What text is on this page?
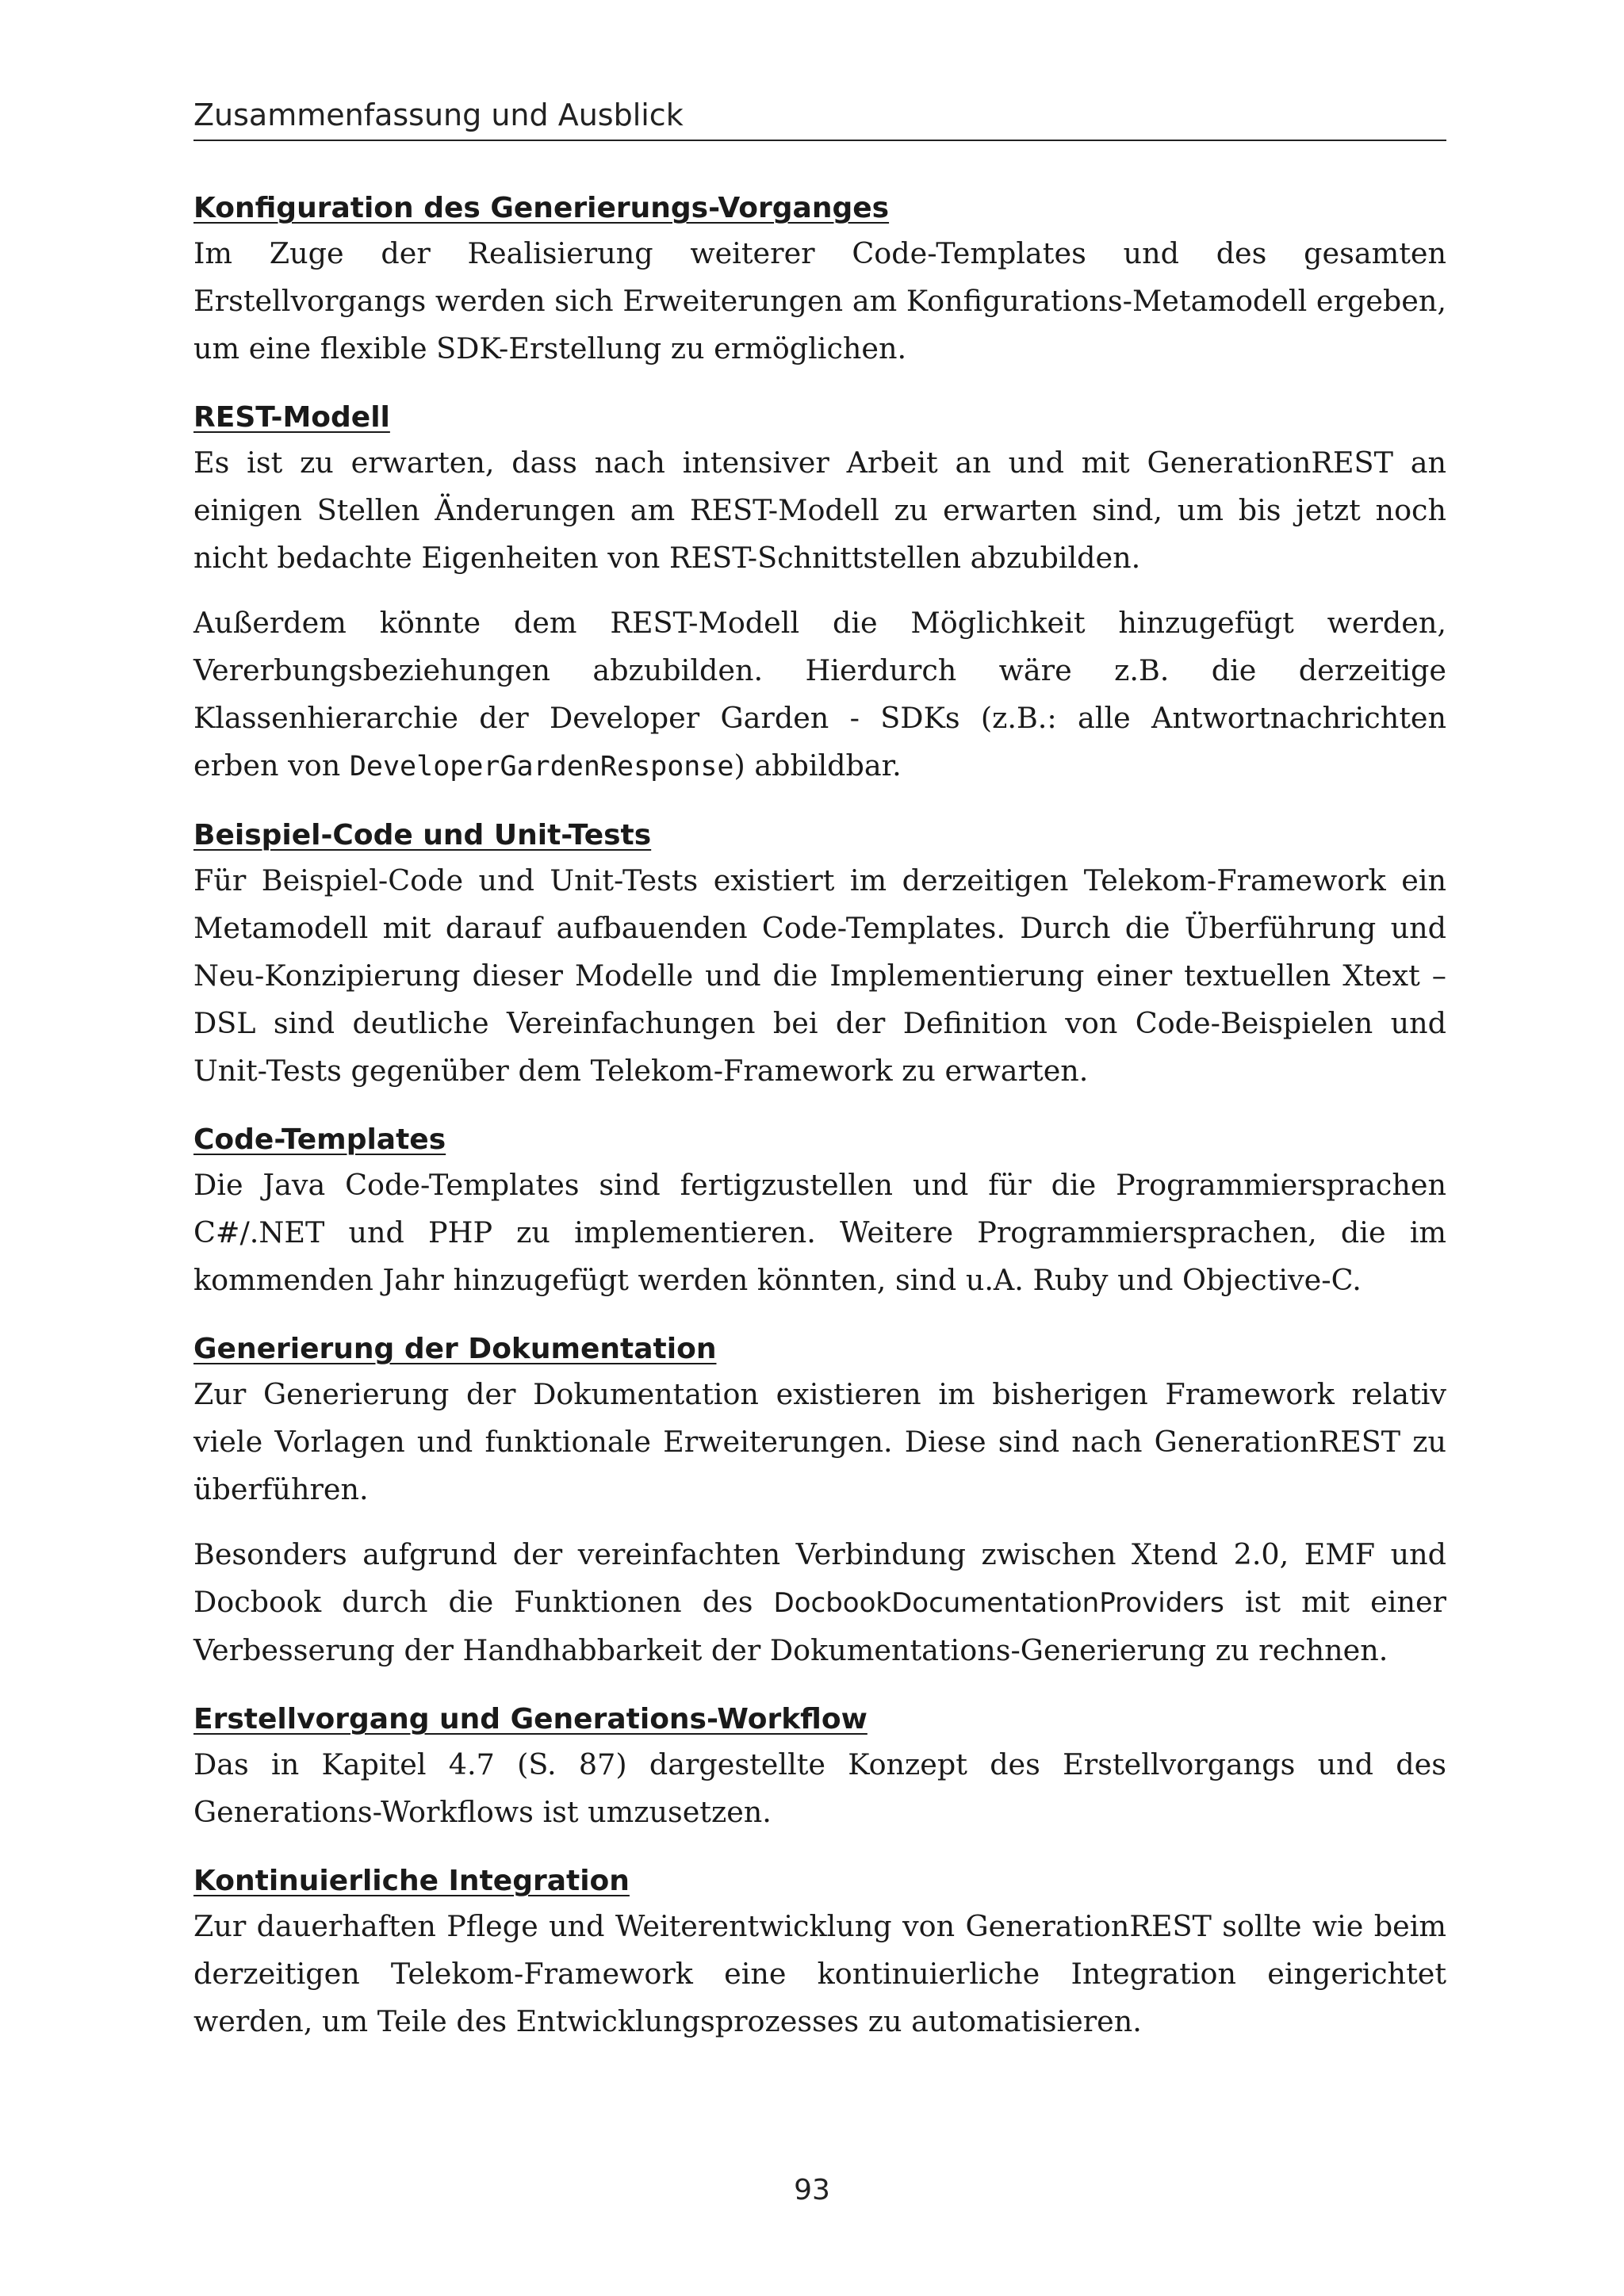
Zusammenfassung und Ausblick
Konfiguration des Generierungs-Vorganges

Im Zuge der Realisierung weiterer Code-Templates und des gesamten Erstellvorgangs werden sich Erweiterungen am Konfigurations-Metamodell ergeben, um eine flexible SDK-Erstellung zu ermöglichen.

REST-Modell

Es ist zu erwarten, dass nach intensiver Arbeit an und mit GenerationREST an einigen Stellen Änderungen am REST-Modell zu erwarten sind, um bis jetzt noch nicht bedachte Eigenheiten von REST-Schnittstellen abzubilden.

Außerdem könnte dem REST-Modell die Möglichkeit hinzugefügt werden, Vererbungsbeziehungen abzubilden. Hierdurch wäre z.B. die derzeitige Klassenhierarchie der Developer Garden - SDKs (z.B.: alle Antwortnachrichten erben von DeveloperGardenResponse) abbildbar.

Beispiel-Code und Unit-Tests

Für Beispiel-Code und Unit-Tests existiert im derzeitigen Telekom-Framework ein Metamodell mit darauf aufbauenden Code-Templates. Durch die Überführung und Neu-Konzipierung dieser Modelle und die Implementierung einer textuellen Xtext – DSL sind deutliche Vereinfachungen bei der Definition von Code-Beispielen und Unit-Tests gegenüber dem Telekom-Framework zu erwarten.

Code-Templates

Die Java Code-Templates sind fertigzustellen und für die Programmiersprachen C#/.NET und PHP zu implementieren. Weitere Programmiersprachen, die im kommenden Jahr hinzugefügt werden könnten, sind u.A. Ruby und Objective-C.

Generierung der Dokumentation

Zur Generierung der Dokumentation existieren im bisherigen Framework relativ viele Vorlagen und funktionale Erweiterungen. Diese sind nach GenerationREST zu überführen.

Besonders aufgrund der vereinfachten Verbindung zwischen Xtend 2.0, EMF und Docbook durch die Funktionen des DocbookDocumentationProviders ist mit einer Verbesserung der Handhabbarkeit der Dokumentations-Generierung zu rechnen.

Erstellvorgang und Generations-Workflow

Das in Kapitel 4.7 (S. 87) dargestellte Konzept des Erstellvorgangs und des Generations-Workflows ist umzusetzen.

Kontinuierliche Integration

Zur dauerhaften Pflege und Weiterentwicklung von GenerationREST sollte wie beim derzeitigen Telekom-Framework eine kontinuierliche Integration eingerichtet werden, um Teile des Entwicklungsprozesses zu automatisieren.

93
